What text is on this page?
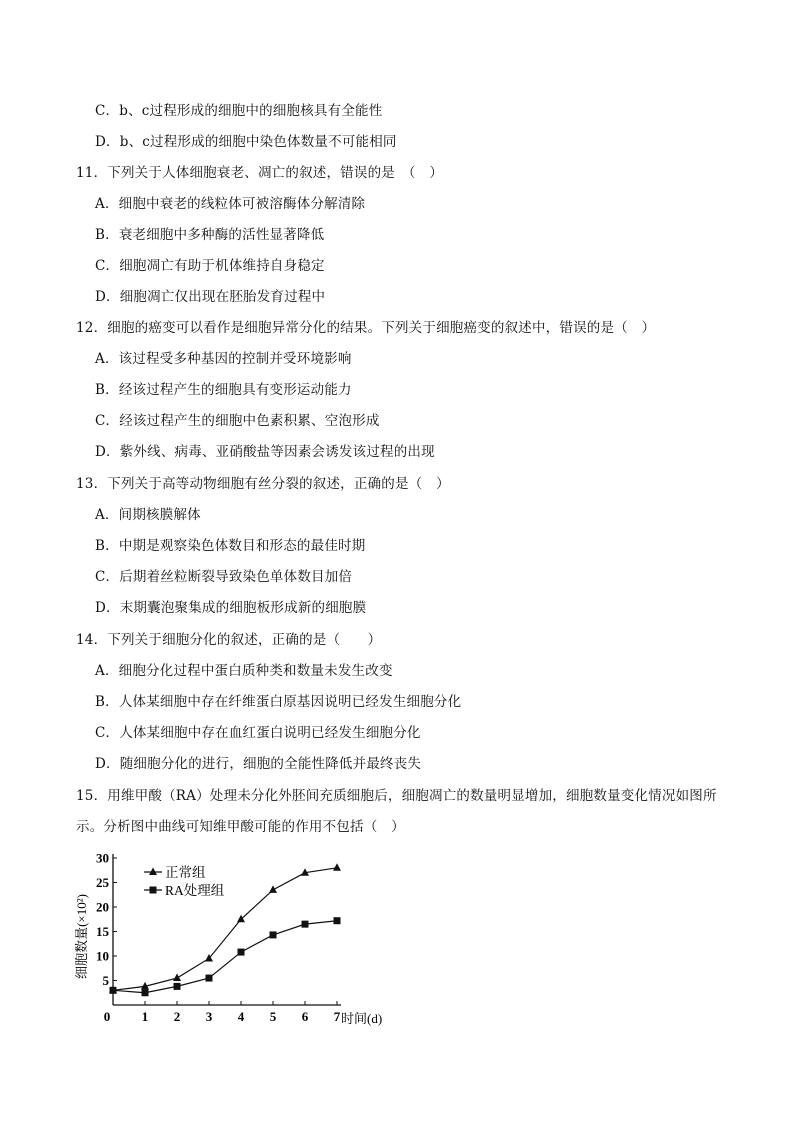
C．b、c过程形成的细胞中的细胞核具有全能性
D．b、c过程形成的细胞中染色体数量不可能相同
11．下列关于人体细胞衰老、凋亡的叙述，错误的是　（　）
A．细胞中衰老的线粒体可被溶酶体分解清除
B．衰老细胞中多种酶的活性显著降低
C．细胞凋亡有助于机体维持自身稳定
D．细胞凋亡仅出现在胚胎发育过程中
12．细胞的癌变可以看作是细胞异常分化的结果。下列关于细胞癌变的叙述中，错误的是（　）
A．该过程受多种基因的控制并受环境影响
B．经该过程产生的细胞具有变形运动能力
C．经该过程产生的细胞中色素积累、空泡形成
D．紫外线、病毒、亚硝酸盐等因素会诱发该过程的出现
13．下列关于高等动物细胞有丝分裂的叙述，正确的是（　）
A．间期核膜解体
B．中期是观察染色体数目和形态的最佳时期
C．后期着丝粒断裂导致染色单体数目加倍
D．末期囊泡聚集成的细胞板形成新的细胞膜
14．下列关于细胞分化的叙述，正确的是（　　）
A．细胞分化过程中蛋白质种类和数量未发生改变
B．人体某细胞中存在纤维蛋白原基因说明已经发生细胞分化
C．人体某细胞中存在血红蛋白说明已经发生细胞分化
D．随细胞分化的进行，细胞的全能性降低并最终丧失
15．用维甲酸（RA）处理未分化外胚间充质细胞后，细胞凋亡的数量明显增加，细胞数量变化情况如图所
示。分析图中曲线可知维甲酸可能的作用不包括（　）
0 1 2 3 4 5 6 7
5
10
15
20
25
30
时间(d)
细胞数量(×10²)
正常组
RA处理组
